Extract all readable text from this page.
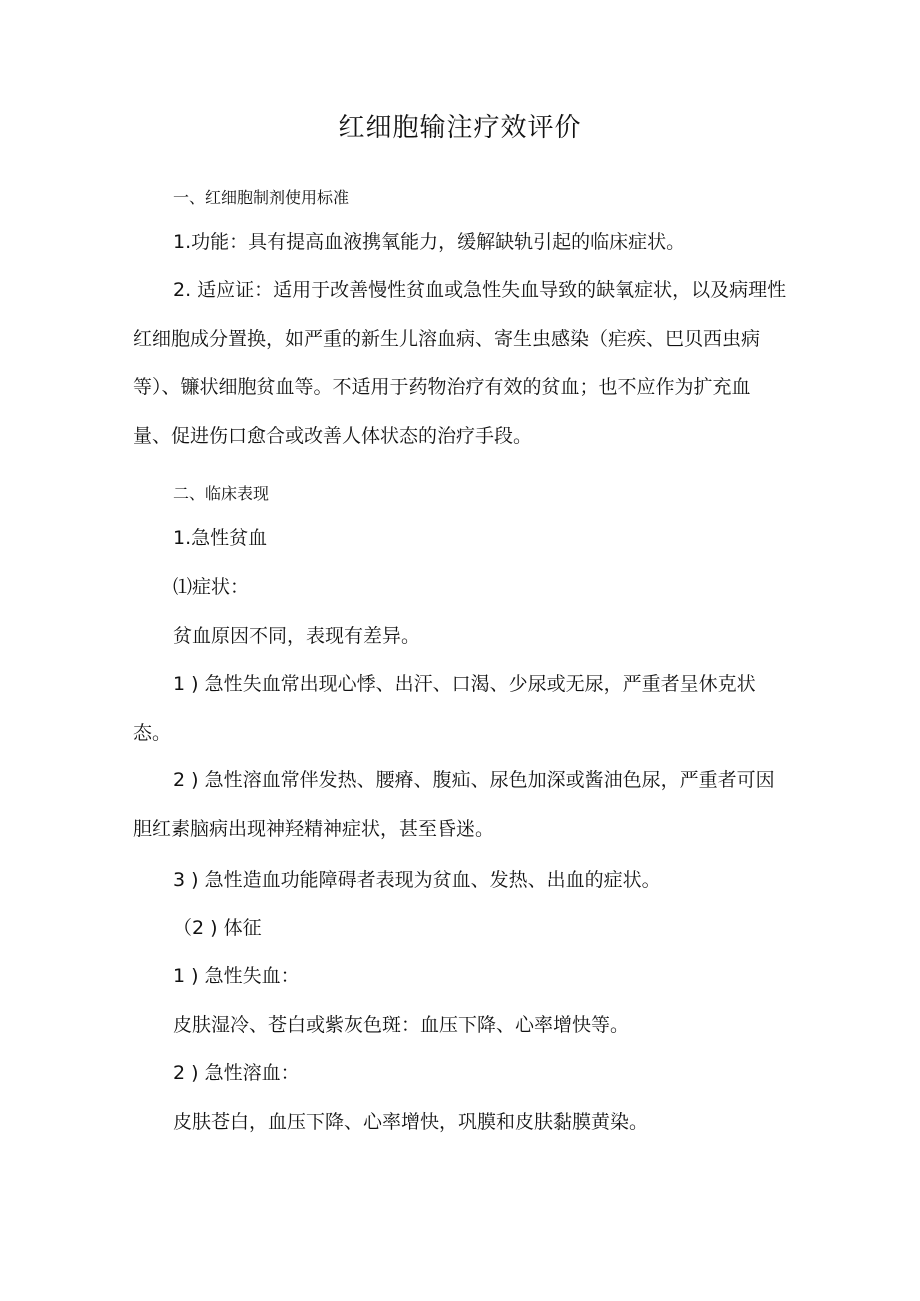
红细胞输注疗效评价
一、红细胞制剂使用标准
1.功能：具有提高血液携氧能力，缓解缺轨引起的临床症状。

2. 适应证：适用于改善慢性贫血或急性失血导致的缺氧症状，以及病理性红细胞成分置换，如严重的新生儿溶血病、寄生虫感染（疟疾、巴贝西虫病等）、镰状细胞贫血等。不适用于药物治疗有效的贫血；也不应作为扩充血量、促进伤口愈合或改善人体状态的治疗手段。

二、临床表现
1.急性贫血
⑴症状：
贫血原因不同，表现有差异。

1 ) 急性失血常出现心悸、出汗、口渴、少尿或无尿，严重者呈休克状态。

2 ) 急性溶血常伴发热、腰瘠、腹疝、尿色加深或酱油色尿，严重者可因胆红素脑病出现神羟精神症状，甚至昏迷。

3 ) 急性造血功能障碍者表现为贫血、发热、出血的症状。
（2 ) 体征
1 ) 急性失血：
皮肤湿冷、苍白或紫灰色斑：血压下降、心率增快等。
2 ) 急性溶血：
皮肤苍白，血压下降、心率增快，巩膜和皮肤黏膜黄染。
